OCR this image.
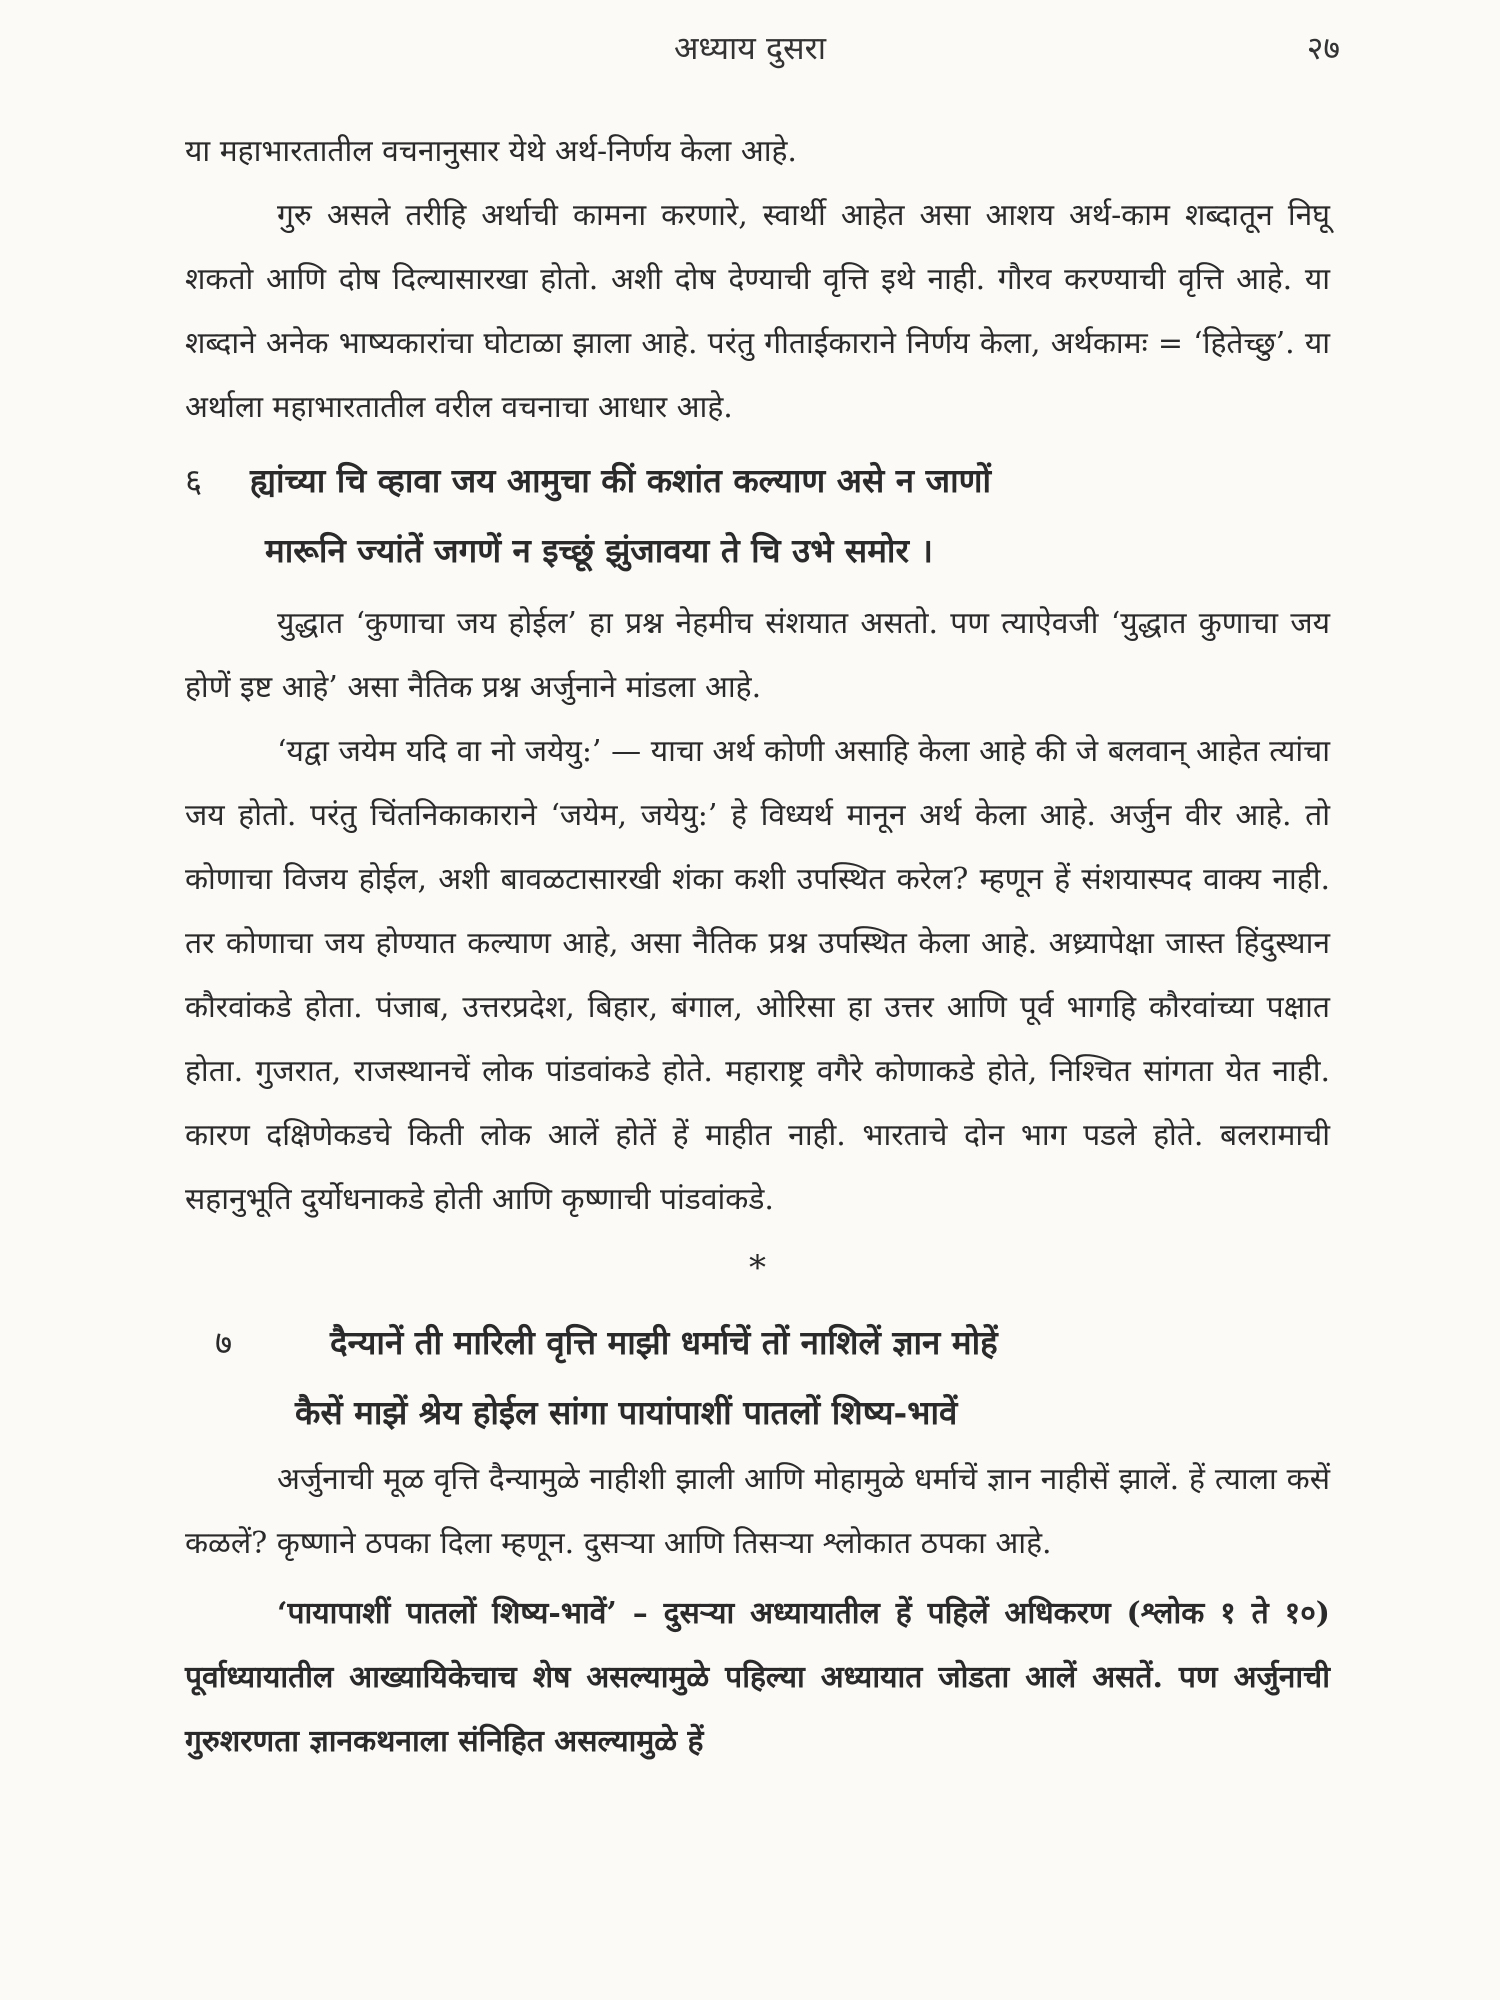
अध्याय दुसरा	२७

या महाभारतातील वचनानुसार येथे अर्थ-निर्णय केला आहे.

गुरु असले तरीहि अर्थाची कामना करणारे, स्वार्थी आहेत असा आशय अर्थ-काम शब्दातून निघू शकतो आणि दोष दिल्यासारखा होतो. अशी दोष देण्याची वृत्ति इथे नाही. गौरव करण्याची वृत्ति आहे. या शब्दाने अनेक भाष्यकारांचा घोटाळा झाला आहे. परंतु गीताईकाराने निर्णय केला, अर्थकामः = ‘हितेच्छु’. या अर्थाला महाभारतातील वरील वचनाचा आधार आहे.

६ ह्यांच्या चि व्हावा जय आमुचा कीं कशांत कल्याण असे न जाणों
मारूनि ज्यांतें जगणें न इच्छूं झुंजावया ते चि उभे समोर ।

युद्धात ‘कुणाचा जय होईल’ हा प्रश्न नेहमीच संशयात असतो. पण त्याऐवजी ‘युद्धात कुणाचा जय होणें इष्ट आहे’ असा नैतिक प्रश्न अर्जुनाने मांडला आहे.

‘यद्वा जयेम यदि वा नो जयेयु:’ — याचा अर्थ कोणी असाहि केला आहे की जे बलवान् आहेत त्यांचा जय होतो. परंतु चिंतनिकाकाराने ‘जयेम, जयेयु:’ हे विध्यर्थ मानून अर्थ केला आहे. अर्जुन वीर आहे. तो कोणाचा विजय होईल, अशी बावळटासारखी शंका कशी उपस्थित करेल? म्हणून हें संशयास्पद वाक्य नाही. तर कोणाचा जय होण्यात कल्याण आहे, असा नैतिक प्रश्न उपस्थित केला आहे. अध्र्यापेक्षा जास्त हिंदुस्थान कौरवांकडे होता. पंजाब, उत्तरप्रदेश, बिहार, बंगाल, ओरिसा हा उत्तर आणि पूर्व भागहि कौरवांच्या पक्षात होता. गुजरात, राजस्थानचें लोक पांडवांकडे होते. महाराष्ट्र वगैरे कोणाकडे होते, निश्चित सांगता येत नाही. कारण दक्षिणेकडचे किती लोक आलें होतें हें माहीत नाही. भारताचे दोन भाग पडले होते. बलरामाची सहानुभूति दुर्योधनाकडे होती आणि कृष्णाची पांडवांकडे.

*

७	दैन्यानें ती मारिली वृत्ति माझी धर्माचें तों नाशिलें ज्ञान मोहें
कैसें माझें श्रेय होईल सांगा पायांपाशीं पातलों शिष्य-भावें

अर्जुनाची मूळ वृत्ति दैन्यामुळे नाहीशी झाली आणि मोहामुळे धर्माचें ज्ञान नाहीसें झालें. हें त्याला कसें कळलें? कृष्णाने ठपका दिला म्हणून. दुसऱ्या आणि तिसऱ्या श्लोकात ठपका आहे.

‘पायापाशीं पातलों शिष्य-भावें’ – दुसऱ्या अध्यायातील हें पहिलें अधिकरण (श्लोक १ ते १०) पूर्वाध्यायातील आख्यायिकेचाच शेष असल्यामुळे पहिल्या अध्यायात जोडता आलें असतें. पण अर्जुनाची गुरुशरणता ज्ञानकथनाला संनिहित असल्यामुळे हें
